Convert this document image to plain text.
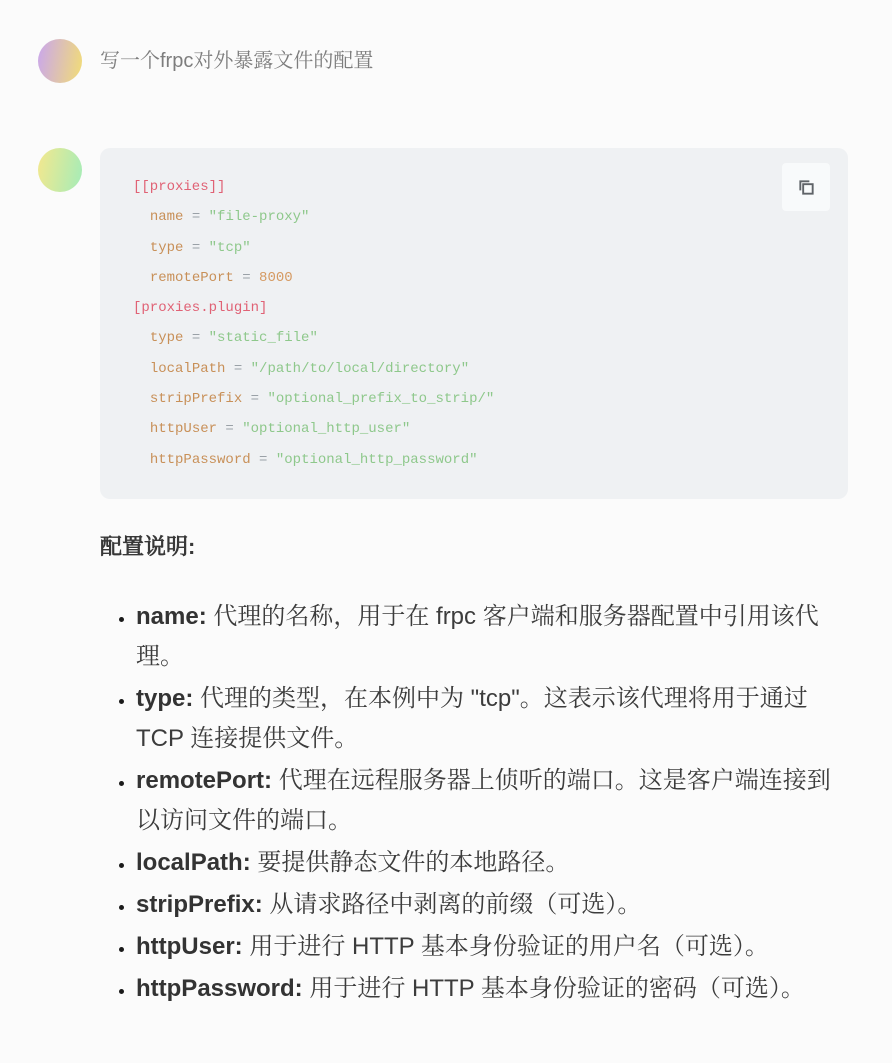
写一个frpc对外暴露文件的配置
[[proxies]]
name = "file-proxy"
type = "tcp"
remotePort = 8000
[proxies.plugin]
type = "static_file"
localPath = "/path/to/local/directory"
stripPrefix = "optional_prefix_to_strip/"
httpUser = "optional_http_user"
httpPassword = "optional_http_password"

配置说明:
• name: 代理的名称，用于在 frpc 客户端和服务器配置中引用该代理。
• type: 代理的类型，在本例中为 "tcp"。这表示该代理将用于通过 TCP 连接提供文件。
• remotePort: 代理在远程服务器上侦听的端口。这是客户端连接到以访问文件的端口。
• localPath: 要提供静态文件的本地路径。
• stripPrefix: 从请求路径中剥离的前缀（可选）。
• httpUser: 用于进行 HTTP 基本身份验证的用户名（可选）。
• httpPassword: 用于进行 HTTP 基本身份验证的密码（可选）。
